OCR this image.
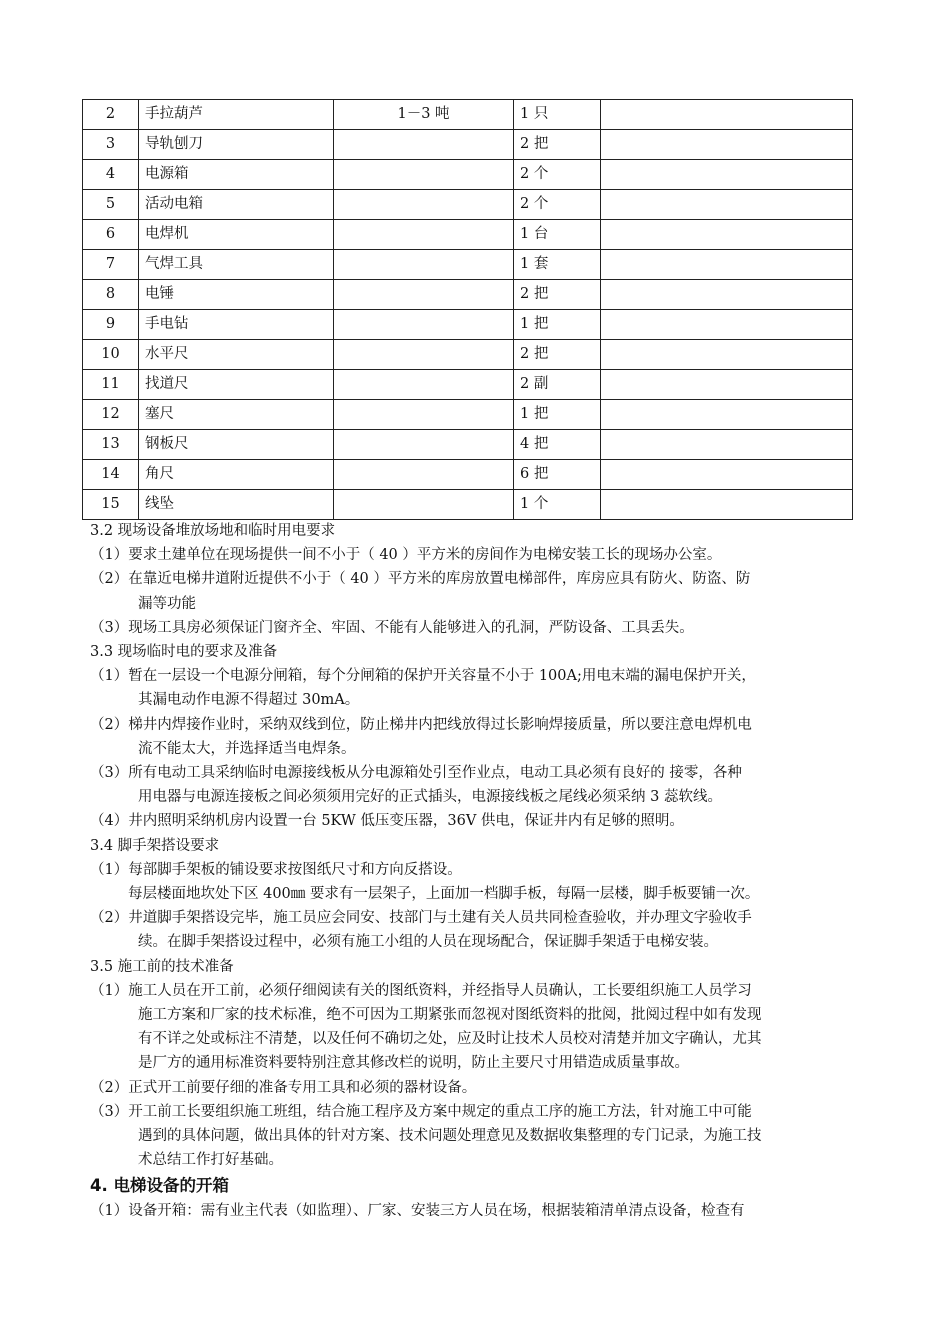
2	手拉葫芦	1－3 吨	1 只	
3	导轨刨刀		2 把	
4	电源箱		2 个	
5	活动电箱		2 个	
6	电焊机		1 台	
7	气焊工具		1 套	
8	电锤		2 把	
9	手电钻		1 把	
10	水平尺		2 把	
11	找道尺		2 副	
12	塞尺		1 把	
13	钢板尺		4 把	
14	角尺		6 把	
15	线坠		1 个	
3.2 现场设备堆放场地和临时用电要求
（1）要求土建单位在现场提供一间不小于（ 40 ）平方米的房间作为电梯安装工长的现场办公室。
（2）在靠近电梯井道附近提供不小于（ 40 ）平方米的库房放置电梯部件，库房应具有防火、防盗、防
漏等功能
（3）现场工具房必须保证门窗齐全、牢固、不能有人能够进入的孔洞，严防设备、工具丢失。
3.3 现场临时电的要求及准备
（1）暂在一层设一个电源分闸箱，每个分闸箱的保护开关容量不小于 100A;用电末端的漏电保护开关，
其漏电动作电源不得超过 30mA。
（2）梯井内焊接作业时，采纳双线到位，防止梯井内把线放得过长影响焊接质量，所以要注意电焊机电
流不能太大，并选择适当电焊条。
（3）所有电动工具采纳临时电源接线板从分电源箱处引至作业点，电动工具必须有良好的 接零，各种
用电器与电源连接板之间必须须用完好的正式插头，电源接线板之尾线必须采纳 3 蕊软线。
（4）井内照明采纳机房内设置一台 5KW 低压变压器，36V 供电，保证井内有足够的照明。
3.4 脚手架搭设要求
（1）每部脚手架板的铺设要求按图纸尺寸和方向反搭设。
每层楼面地坎处下区 400㎜ 要求有一层架子，上面加一档脚手板，每隔一层楼，脚手板要铺一次。
（2）井道脚手架搭设完毕，施工员应会同安、技部门与土建有关人员共同检查验收，并办理文字验收手
续。在脚手架搭设过程中，必须有施工小组的人员在现场配合，保证脚手架适于电梯安装。
3.5 施工前的技术准备
（1）施工人员在开工前，必须仔细阅读有关的图纸资料，并经指导人员确认，工长要组织施工人员学习
施工方案和厂家的技术标准，绝不可因为工期紧张而忽视对图纸资料的批阅，批阅过程中如有发现
有不详之处或标注不清楚，以及任何不确切之处，应及时让技术人员校对清楚并加文字确认，尤其
是厂方的通用标准资料要特别注意其修改栏的说明，防止主要尺寸用错造成质量事故。
（2）正式开工前要仔细的准备专用工具和必须的器材设备。
（3）开工前工长要组织施工班组，结合施工程序及方案中规定的重点工序的施工方法，针对施工中可能
遇到的具体问题，做出具体的针对方案、技术问题处理意见及数据收集整理的专门记录，为施工技
术总结工作打好基础。
4. 电梯设备的开箱
（1）设备开箱：需有业主代表（如监理）、厂家、安装三方人员在场，根据装箱清单清点设备，检查有
